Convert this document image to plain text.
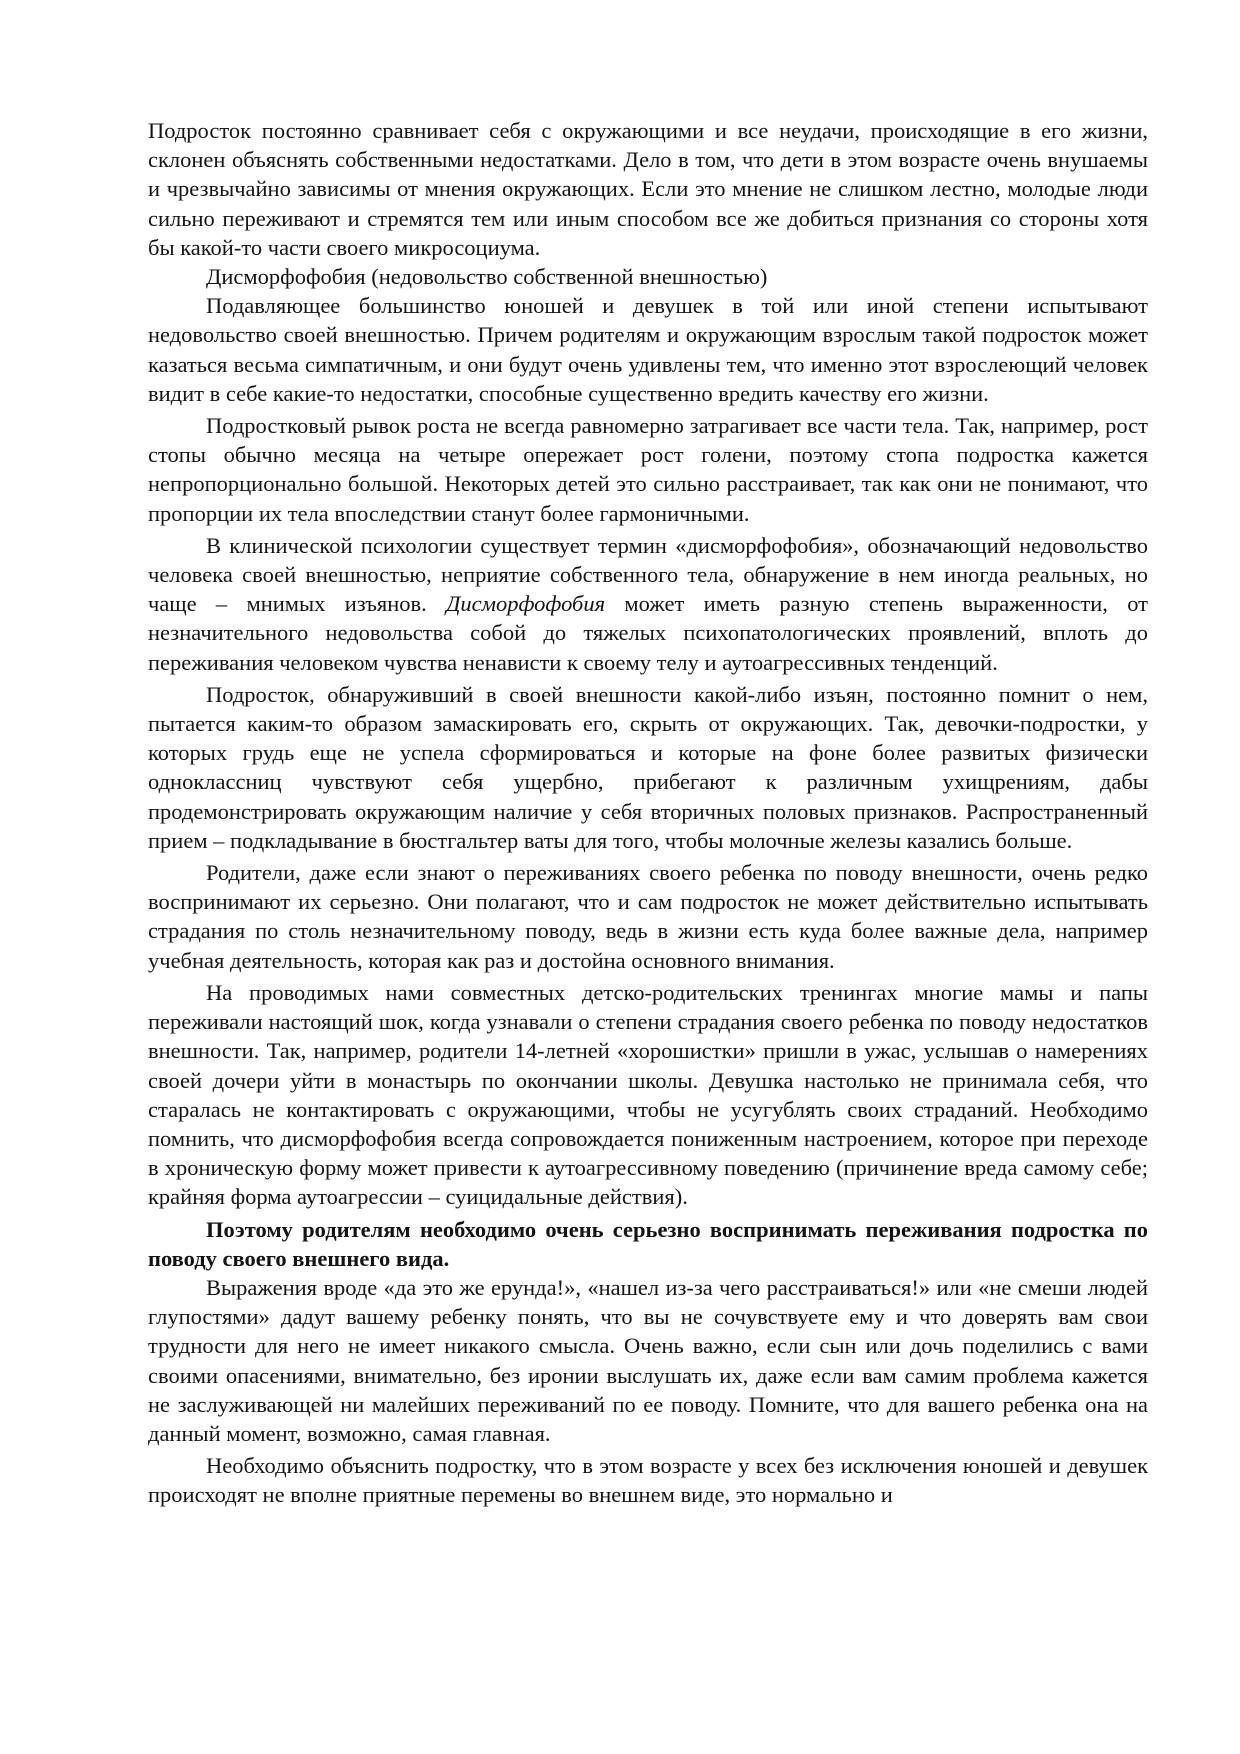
Подросток постоянно сравнивает себя с окружающими и все неудачи, происходящие в его жизни, склонен объяснять собственными недостатками. Дело в том, что дети в этом возрасте очень внушаемы и чрезвычайно зависимы от мнения окружающих. Если это мнение не слишком лестно, молодые люди сильно переживают и стремятся тем или иным способом все же добиться признания со стороны хотя бы какой-то части своего микросоциума.

Дисморфофобия (недовольство собственной внешностью)

Подавляющее большинство юношей и девушек в той или иной степени испытывают недовольство своей внешностью. Причем родителям и окружающим взрослым такой подросток может казаться весьма симпатичным, и они будут очень удивлены тем, что именно этот взрослеющий человек видит в себе какие-то недостатки, способные существенно вредить качеству его жизни.

Подростковый рывок роста не всегда равномерно затрагивает все части тела. Так, например, рост стопы обычно месяца на четыре опережает рост голени, поэтому стопа подростка кажется непропорционально большой. Некоторых детей это сильно расстраивает, так как они не понимают, что пропорции их тела впоследствии станут более гармоничными.

В клинической психологии существует термин «дисморфофобия», обозначающий недовольство человека своей внешностью, неприятие собственного тела, обнаружение в нем иногда реальных, но чаще – мнимых изъянов. Дисморфофобия может иметь разную степень выраженности, от незначительного недовольства собой до тяжелых психопатологических проявлений, вплоть до переживания человеком чувства ненависти к своему телу и аутоагрессивных тенденций.

Подросток, обнаруживший в своей внешности какой-либо изъян, постоянно помнит о нем, пытается каким-то образом замаскировать его, скрыть от окружающих. Так, девочки-подростки, у которых грудь еще не успела сформироваться и которые на фоне более развитых физически одноклассниц чувствуют себя ущербно, прибегают к различным ухищрениям, дабы продемонстрировать окружающим наличие у себя вторичных половых признаков. Распространенный прием – подкладывание в бюстгальтер ваты для того, чтобы молочные железы казались больше.

Родители, даже если знают о переживаниях своего ребенка по поводу внешности, очень редко воспринимают их серьезно. Они полагают, что и сам подросток не может действительно испытывать страдания по столь незначительному поводу, ведь в жизни есть куда более важные дела, например учебная деятельность, которая как раз и достойна основного внимания.

На проводимых нами совместных детско-родительских тренингах многие мамы и папы переживали настоящий шок, когда узнавали о степени страдания своего ребенка по поводу недостатков внешности. Так, например, родители 14-летней «хорошистки» пришли в ужас, услышав о намерениях своей дочери уйти в монастырь по окончании школы. Девушка настолько не принимала себя, что старалась не контактировать с окружающими, чтобы не усугублять своих страданий. Необходимо помнить, что дисморфофобия всегда сопровождается пониженным настроением, которое при переходе в хроническую форму может привести к аутоагрессивному поведению (причинение вреда самому себе; крайняя форма аутоагрессии – суицидальные действия).

Поэтому родителям необходимо очень серьезно воспринимать переживания подростка по поводу своего внешнего вида.

Выражения вроде «да это же ерунда!», «нашел из-за чего расстраиваться!» или «не смеши людей глупостями» дадут вашему ребенку понять, что вы не сочувствуете ему и что доверять вам свои трудности для него не имеет никакого смысла. Очень важно, если сын или дочь поделились с вами своими опасениями, внимательно, без иронии выслушать их, даже если вам самим проблема кажется не заслуживающей ни малейших переживаний по ее поводу. Помните, что для вашего ребенка она на данный момент, возможно, самая главная.

Необходимо объяснить подростку, что в этом возрасте у всех без исключения юношей и девушек происходят не вполне приятные перемены во внешнем виде, это нормально и
